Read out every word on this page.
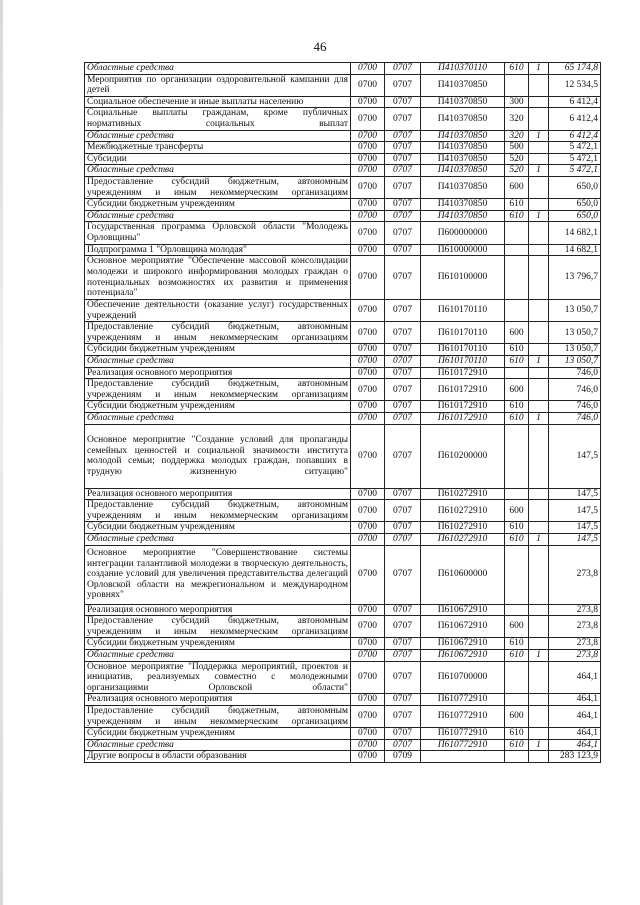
46
Областные средства	0700	0707	П410370110	610	1	65 174,8
Мероприятия по организации оздоровительной кампании для детей	0700	0707	П410370850			12 534,5
Социальное обеспечение и иные выплаты населению	0700	0707	П410370850	300		6 412,4
Социальные выплаты гражданам, кроме публичных нормативных социальных выплат	0700	0707	П410370850	320		6 412,4
Областные средства	0700	0707	П410370850	320	1	6 412,4
Межбюджетные трансферты	0700	0707	П410370850	500		5 472,1
Субсидии	0700	0707	П410370850	520		5 472,1
Областные средства	0700	0707	П410370850	520	1	5 472,1
Предоставление субсидий бюджетным, автономным учреждениям и иным некоммерческим организациям	0700	0707	П410370850	600		650,0
Субсидии бюджетным учреждениям	0700	0707	П410370850	610		650,0
Областные средства	0700	0707	П410370850	610	1	650,0
Государственная программа Орловской области "Молодежь Орловщины"	0700	0707	П600000000			14 682,1
Подпрограмма 1 "Орловщина молодая"	0700	0707	П610000000			14 682,1
Основное мероприятие "Обеспечение массовой консолидации молодежи и широкого информирования молодых граждан о потенциальных возможностях их развития и применения потенциала"	0700	0707	П610100000			13 796,7
Обеспечение деятельности (оказание услуг) государственных учреждений	0700	0707	П610170110			13 050,7
Предоставление субсидий бюджетным, автономным учреждениям и иным некоммерческим организациям	0700	0707	П610170110	600		13 050,7
Субсидии бюджетным учреждениям	0700	0707	П610170110	610		13 050,7
Областные средства	0700	0707	П610170110	610	1	13 050,7
Реализация основного мероприятия	0700	0707	П610172910			746,0
Предоставление субсидий бюджетным, автономным учреждениям и иным некоммерческим организациям	0700	0707	П610172910	600		746,0
Субсидии бюджетным учреждениям	0700	0707	П610172910	610		746,0
Областные средства	0700	0707	П610172910	610	1	746,0
Основное мероприятие "Создание условий для пропаганды семейных ценностей и социальной значимости института молодой семьи; поддержка молодых граждан, попавших в трудную жизненную ситуацию"	0700	0707	П610200000			147,5
Реализация основного мероприятия	0700	0707	П610272910			147,5
Предоставление субсидий бюджетным, автономным учреждениям и иным некоммерческим организациям	0700	0707	П610272910	600		147,5
Субсидии бюджетным учреждениям	0700	0707	П610272910	610		147,5
Областные средства	0700	0707	П610272910	610	1	147,5
Основное мероприятие "Совершенствование системы интеграции талантливой молодежи в творческую деятельность, создание условий для увеличения представительства делегаций Орловской области на межрегиональном и международном уровнях"	0700	0707	П610600000			273,8
Реализация основного мероприятия	0700	0707	П610672910			273,8
Предоставление субсидий бюджетным, автономным учреждениям и иным некоммерческим организациям	0700	0707	П610672910	600		273,8
Субсидии бюджетным учреждениям	0700	0707	П610672910	610		273,8
Областные средства	0700	0707	П610672910	610	1	273,8
Основное мероприятие "Поддержка мероприятий, проектов и инициатив, реализуемых совместно с молодежными организациями Орловской области"	0700	0707	П610700000			464,1
Реализация основного мероприятия	0700	0707	П610772910			464,1
Предоставление субсидий бюджетным, автономным учреждениям и иным некоммерческим организациям	0700	0707	П610772910	600		464,1
Субсидии бюджетным учреждениям	0700	0707	П610772910	610		464,1
Областные средства	0700	0707	П610772910	610	1	464,1
Другие вопросы в области образования	0700	0709				283 123,9
